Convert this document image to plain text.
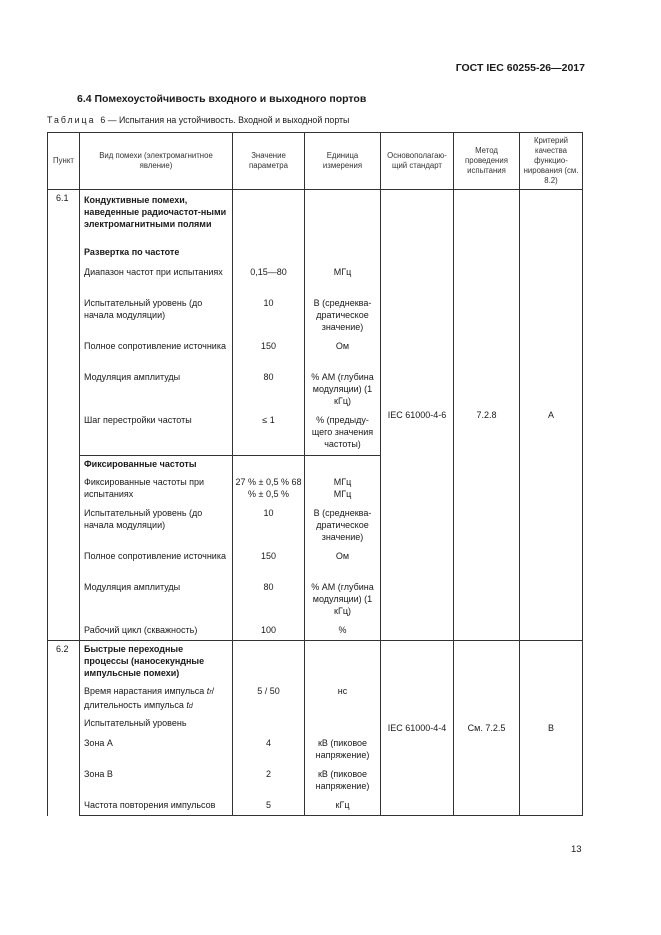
ГОСТ IEC 60255-26—2017
6.4 Помехоустойчивость входного и выходного портов
Таблица 6 — Испытания на устойчивость. Входной и выходной порты
Пункт	Вид помехи (электромагнитное явление)	Значение параметра	Единица измерения	Основополагаю-щий стандарт	Метод проведения испытания	Критерий качества функцио-нирования (см. 8.2)
6.1	Кондуктивные помехи, наведенные радиочастот-ными электромагнитными полями			IEC 61000-4-6	7.2.8	А
	Развертка по частоте					
	Диапазон частот при испытаниях	0,15—80	МГц			
	Испытательный уровень (до начала модуляции)	10	В (среднеква-дратическое значение)			
	Полное сопротивление источника	150	Ом			
	Модуляция амплитуды	80	% АМ (глубина модуляции) (1 кГц)			
	Шаг перестройки частоты	≤ 1	% (предыду-щего значения частоты)			
	Фиксированные частоты					
	Фиксированные частоты при испытаниях	27 % ± 0,5 % 68 % ± 0,5 %	МГц МГц			
	Испытательный уровень (до начала модуляции)	10	В (среднеква-дратическое значение)			
	Полное сопротивление источника	150	Ом			
	Модуляция амплитуды	80	% АМ (глубина модуляции) (1 кГц)			
	Рабочий цикл (скважность)	100	%			
6.2	Быстрые переходные процессы (наносекундные импульсные помехи)			IEC 61000-4-4	См. 7.2.5	В
	Время нарастания импульса tr/длительность импульса td	5 / 50	нс			
	Испытательный уровень					
	Зона А	4	кВ (пиковое напряжение)			
	Зона В	2	кВ (пиковое напряжение)			
	Частота повторения импульсов	5	кГц			
13
